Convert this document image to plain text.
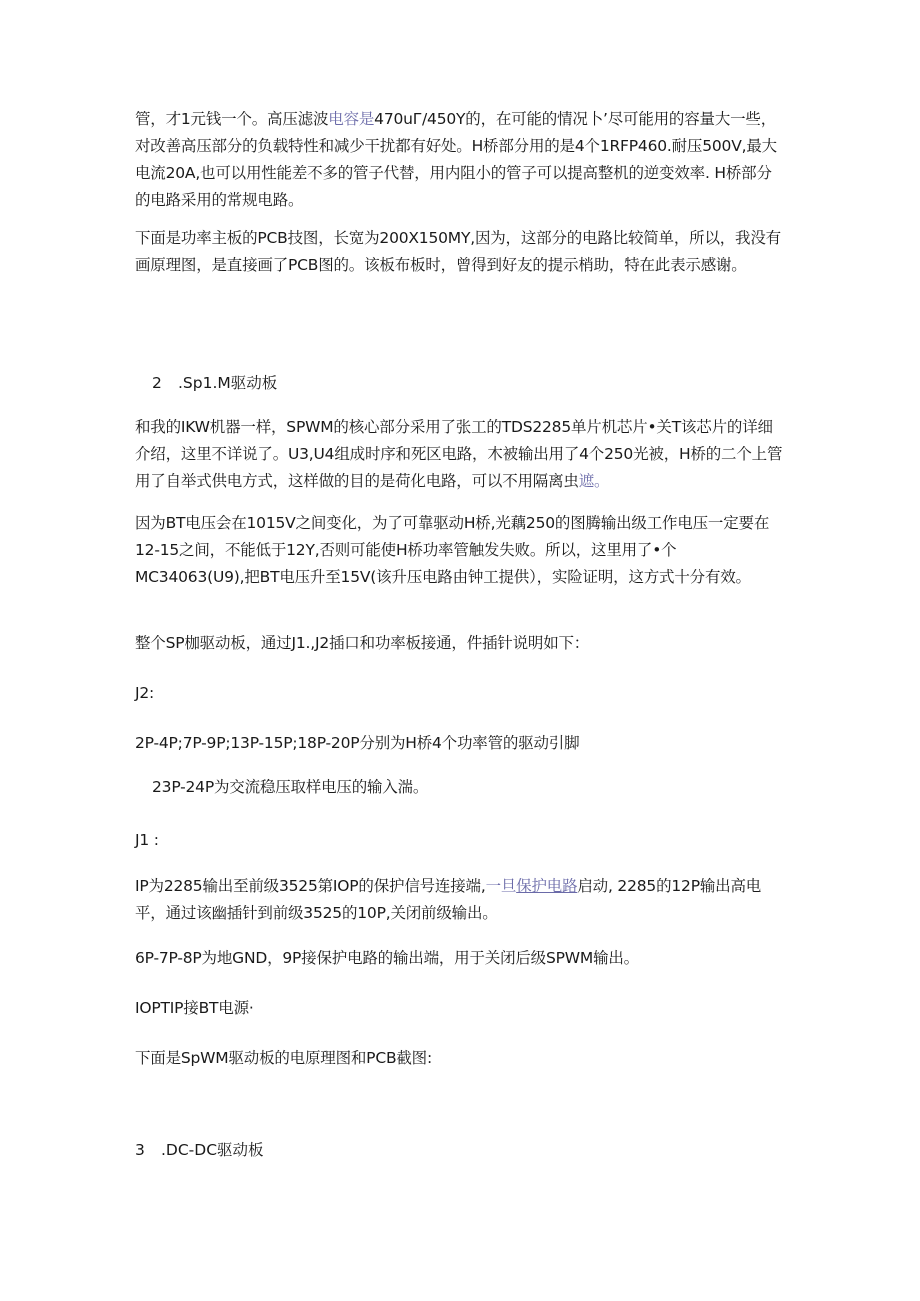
管，才1元钱一个。高压滤波电容是470uГ/450Y的，在可能的情况卜’尽可能用的容量大一些，对改善高压部分的负载特性和减少干扰都有好处。H桥部分用的是4个1RFP460.耐压500V,最大电流20A,也可以用性能差不多的管子代替，用内阻小的管子可以提高整机的逆变效率. H桥部分的电路采用的常规电路。

下面是功率主板的PCB技图，长宽为200X150MY,因为，这部分的电路比较简单，所以，我没有画原理图，是直接画了PCB图的。该板布板时，曾得到好友的提示梢助，特在此表示感谢。

2 .Sp1.M驱动板

和我的IKW机器一样，SPWM的核心部分采用了张工的TDS2285单片机芯片•关T该芯片的详细介绍，这里不详说了。U3,U4组成时序和死区电路，木被输出用了4个250光被，H桥的二个上管用了自举式供电方式，这样做的目的是荷化电路，可以不用隔离虫遮。

因为BT电压会在1015V之间变化，为了可靠驱动H桥,光藕250的图腾输出级工作电压一定要在12-15之间，不能低于12Y,否则可能使H桥功率管触发失败。所以，这里用了•个MC34063(U9),把BT电压升至15V(该升压电路由钟工提供），实险证明，这方式十分有效。

整个SP枷驱动板，通过J1.,J2插口和功率板接通，件插针说明如下：

J2:

2P-4P;7P-9P;13P-15P;18P-20P分别为H桥4个功率管的驱动引脚

23P-24P为交流稳压取样电压的输入湍。

J1 :

IP为2285输出至前级3525第IOP的保护信号连接端,一旦保护电路启动, 2285的12P输出高电平，通过该幽插针到前级3525的10P,关闭前级输出。

6P-7P-8P为地GND，9P接保护电路的输出端，用于关闭后级SPWM输出。

IOPTIP接BT电源·

下面是SpWM驱动板的电原理图和PCB截图:

3 .DC-DC驱动板
